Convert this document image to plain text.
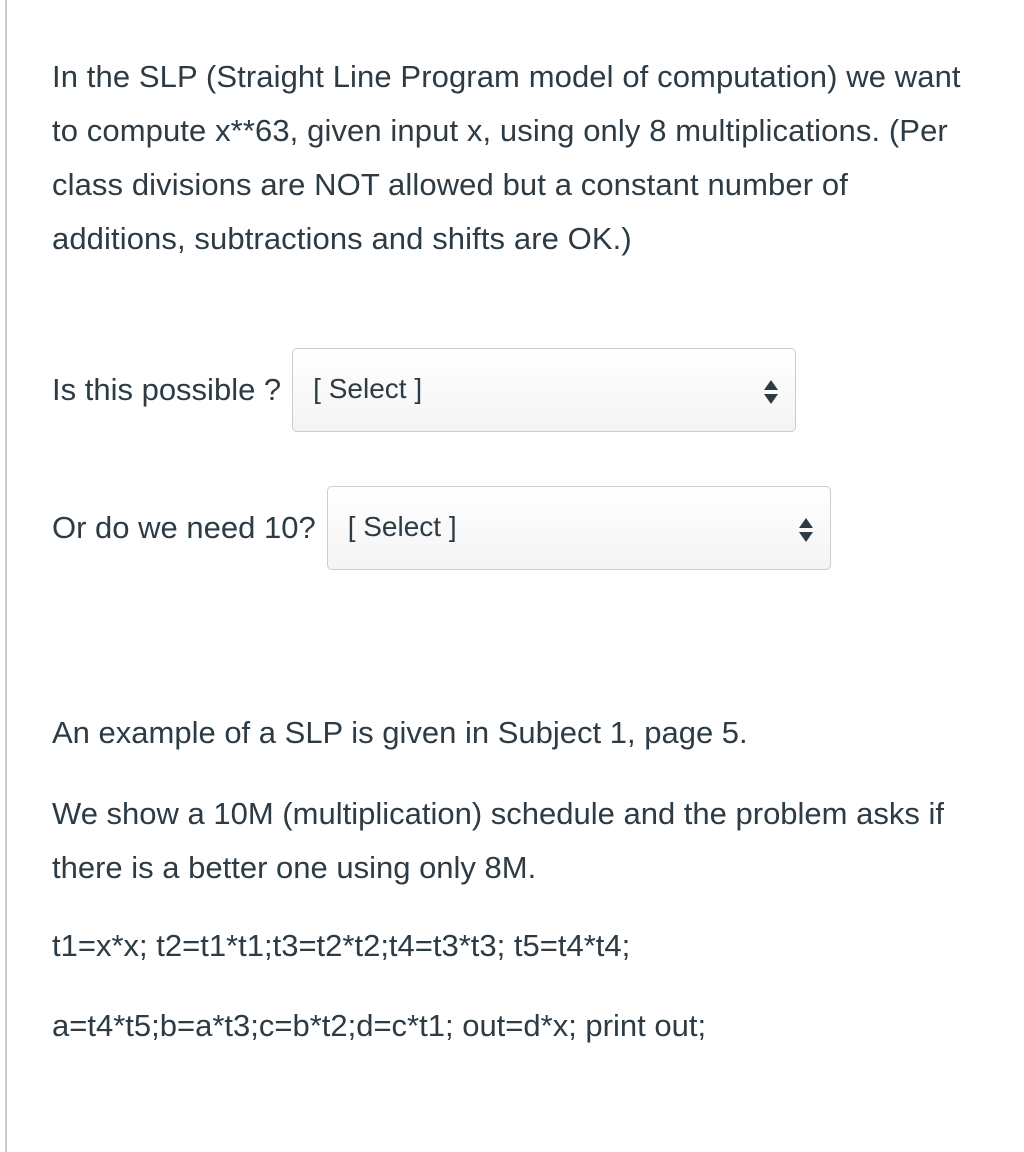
In the SLP (Straight Line Program model of computation) we want to compute x**63, given input x, using only 8 multiplications. (Per class divisions are NOT allowed but a constant number of additions, subtractions and shifts are OK.)

Is this possible ? [ Select ]
Or do we need 10? [ Select ]

An example of a SLP is given in Subject 1, page 5.

We show a 10M (multiplication) schedule and the problem asks if there is a better one using only 8M.

t1=x*x; t2=t1*t1;t3=t2*t2;t4=t3*t3; t5=t4*t4;

a=t4*t5;b=a*t3;c=b*t2;d=c*t1; out=d*x; print out;
